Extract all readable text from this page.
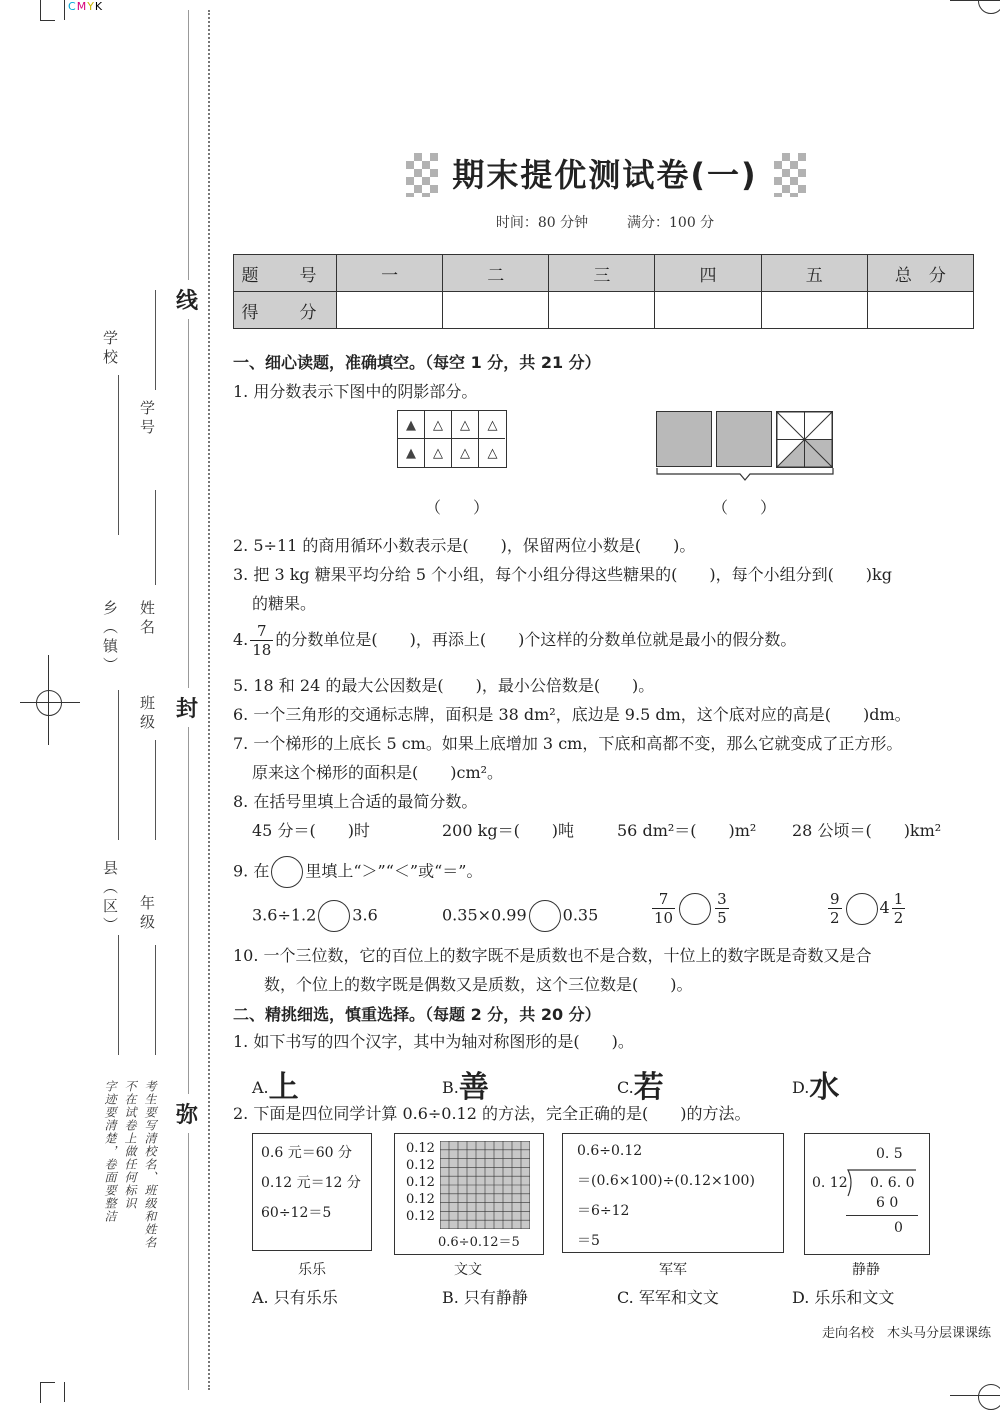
CMYK
线
封
弥
学校
学号
乡（镇） 姓名
班级
县（区） 年级
考生要写清校名、班级和姓名
不在试卷上做任何标识
字迹要清楚，卷面要整洁
期末提优测试卷(一)
时间：80 分钟	满分：100 分
题　号	一	二	三	四	五	总　分
得　分						
一、细心读题，准确填空。（每空 1 分，共 21 分）
1. 用分数表示下图中的阴影部分。
▲	△	△	△
▲	△	△	△
（　　）	（　　）
2. 5÷11 的商用循环小数表示是(　　)，保留两位小数是(　　)。
3. 把 3 kg 糖果平均分给 5 个小组，每个小组分得这些糖果的(　　)，每个小组分到(　　)kg
的糖果。
4. $\frac{7}{18}$ 的分数单位是(　　)，再添上(　　)个这样的分数单位就是最小的假分数。
5. 18 和 24 的最大公因数是(　　)，最小公倍数是(　　)。
6. 一个三角形的交通标志牌，面积是 38 dm²，底边是 9.5 dm，这个底对应的高是(　　)dm。
7. 一个梯形的上底长 5 cm。如果上底增加 3 cm，下底和高都不变，那么它就变成了正方形。
原来这个梯形的面积是(　　)cm²。
8. 在括号里填上合适的最简分数。
45 分＝(　　)时	200 kg＝(　　)吨	56 dm²＝(　　)m² 28 公顷＝(　　)km²
9. 在 里填上“＞”“＜”或“＝”。
3.6÷1.2 3.6	0.35×0.99 0.35	$\frac{7}{10}$	$\frac{3}{5}$	$\frac{9}{2} 4 \frac{1}{2}$
10. 一个三位数，它的百位上的数字既不是质数也不是合数，十位上的数字既是奇数又是合
数，个位上的数字既是偶数又是质数，这个三位数是(　　)。
二、精挑细选，慎重选择。（每题 2 分，共 20 分）
1. 如下书写的四个汉字，其中为轴对称图形的是(　　)。
A.上	B.善	C.若	D.水
2. 下面是四位同学计算 0.6÷0.12 的方法，完全正确的是(　　)的方法。
0.6 元＝60 分
0.12 元＝12 分
60÷12＝5
0.12
0.12
0.12
0.12
0.12
0.6÷0.12＝5
0.6÷0.12
＝(0.6×100)÷(0.12×100)
＝6÷12
＝5
0. 5
0. 12 0. 6. 0
6 0
0
乐乐	文文	军军	静静
A. 只有乐乐	B. 只有静静	C. 军军和文文	D. 乐乐和文文
走向名校　木头马分层课课练
